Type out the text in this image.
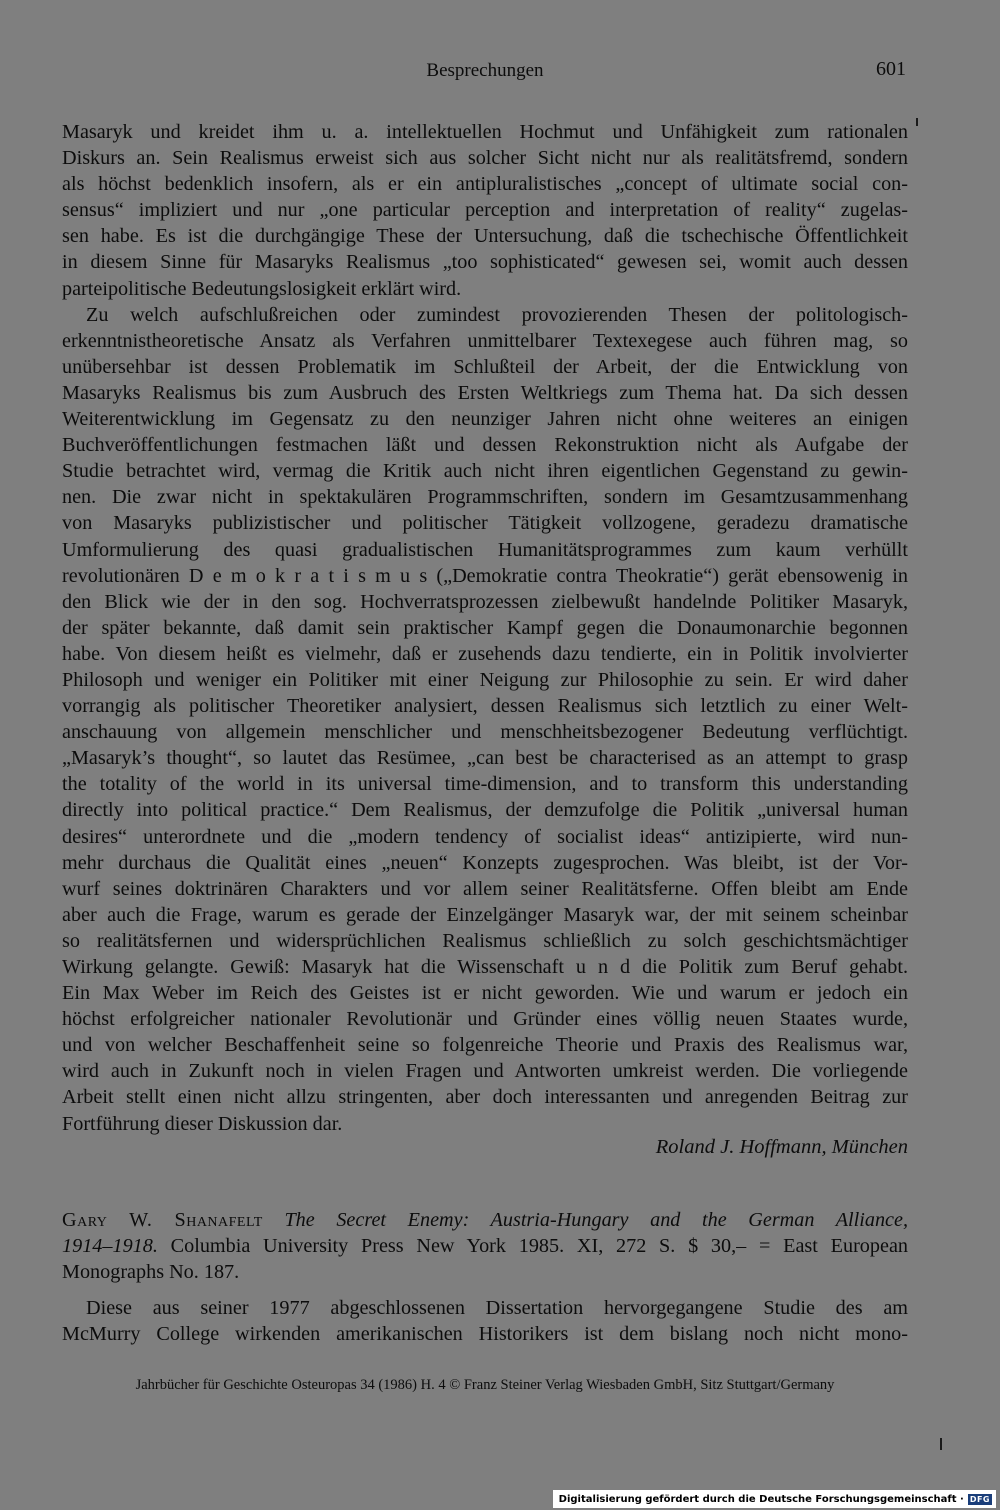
Besprechungen	601
Masaryk und kreidet ihm u. a. intellektuellen Hochmut und Unfähigkeit zum rationalen
Diskurs an. Sein Realismus erweist sich aus solcher Sicht nicht nur als realitätsfremd, sondern
als höchst bedenklich insofern, als er ein antipluralistisches „concept of ultimate social con-
sensus“ impliziert und nur „one particular perception and interpretation of reality“ zugelas-
sen habe. Es ist die durchgängige These der Untersuchung, daß die tschechische Öffentlichkeit
in diesem Sinne für Masaryks Realismus „too sophisticated“ gewesen sei, womit auch dessen
parteipolitische Bedeutungslosigkeit erklärt wird.
Zu welch aufschlußreichen oder zumindest provozierenden Thesen der politologisch-
erkenntnistheoretische Ansatz als Verfahren unmittelbarer Textexegese auch führen mag, so
unübersehbar ist dessen Problematik im Schlußteil der Arbeit, der die Entwicklung von
Masaryks Realismus bis zum Ausbruch des Ersten Weltkriegs zum Thema hat. Da sich dessen
Weiterentwicklung im Gegensatz zu den neunziger Jahren nicht ohne weiteres an einigen
Buchveröffentlichungen festmachen läßt und dessen Rekonstruktion nicht als Aufgabe der
Studie betrachtet wird, vermag die Kritik auch nicht ihren eigentlichen Gegenstand zu gewin-
nen. Die zwar nicht in spektakulären Programmschriften, sondern im Gesamtzusammenhang
von Masaryks publizistischer und politischer Tätigkeit vollzogene, geradezu dramatische
Umformulierung des quasi gradualistischen Humanitätsprogrammes zum kaum verhüllt
revolutionären D e m o k r a t i s m u s („Demokratie contra Theokratie“) gerät ebensowenig in
den Blick wie der in den sog. Hochverratsprozessen zielbewußt handelnde Politiker Masaryk,
der später bekannte, daß damit sein praktischer Kampf gegen die Donaumonarchie begonnen
habe. Von diesem heißt es vielmehr, daß er zusehends dazu tendierte, ein in Politik involvierter
Philosoph und weniger ein Politiker mit einer Neigung zur Philosophie zu sein. Er wird daher
vorrangig als politischer Theoretiker analysiert, dessen Realismus sich letztlich zu einer Welt-
anschauung von allgemein menschlicher und menschheitsbezogener Bedeutung verflüchtigt.
„Masaryk’s thought“, so lautet das Resümee, „can best be characterised as an attempt to grasp
the totality of the world in its universal time-dimension, and to transform this understanding
directly into political practice.“ Dem Realismus, der demzufolge die Politik „universal human
desires“ unterordnete und die „modern tendency of socialist ideas“ antizipierte, wird nun-
mehr durchaus die Qualität eines „neuen“ Konzepts zugesprochen. Was bleibt, ist der Vor-
wurf seines doktrinären Charakters und vor allem seiner Realitätsferne. Offen bleibt am Ende
aber auch die Frage, warum es gerade der Einzelgänger Masaryk war, der mit seinem scheinbar
so realitätsfernen und widersprüchlichen Realismus schließlich zu solch geschichtsmächtiger
Wirkung gelangte. Gewiß: Masaryk hat die Wissenschaft u n d die Politik zum Beruf gehabt.
Ein Max Weber im Reich des Geistes ist er nicht geworden. Wie und warum er jedoch ein
höchst erfolgreicher nationaler Revolutionär und Gründer eines völlig neuen Staates wurde,
und von welcher Beschaffenheit seine so folgenreiche Theorie und Praxis des Realismus war,
wird auch in Zukunft noch in vielen Fragen und Antworten umkreist werden. Die vorliegende
Arbeit stellt einen nicht allzu stringenten, aber doch interessanten und anregenden Beitrag zur
Fortführung dieser Diskussion dar.
Roland J. Hoffmann, München
Gary W. Shanafelt The Secret Enemy: Austria-Hungary and the German Alliance,
1914–1918. Columbia University Press New York 1985. XI, 272 S. $ 30,– = East European
Monographs No. 187.
Diese aus seiner 1977 abgeschlossenen Dissertation hervorgegangene Studie des am
McMurry College wirkenden amerikanischen Historikers ist dem bislang noch nicht mono-
Jahrbücher für Geschichte Osteuropas 34 (1986) H. 4 © Franz Steiner Verlag Wiesbaden GmbH, Sitz Stuttgart/Germany
Digitalisierung gefördert durch die Deutsche Forschungsgemeinschaft · DFG
